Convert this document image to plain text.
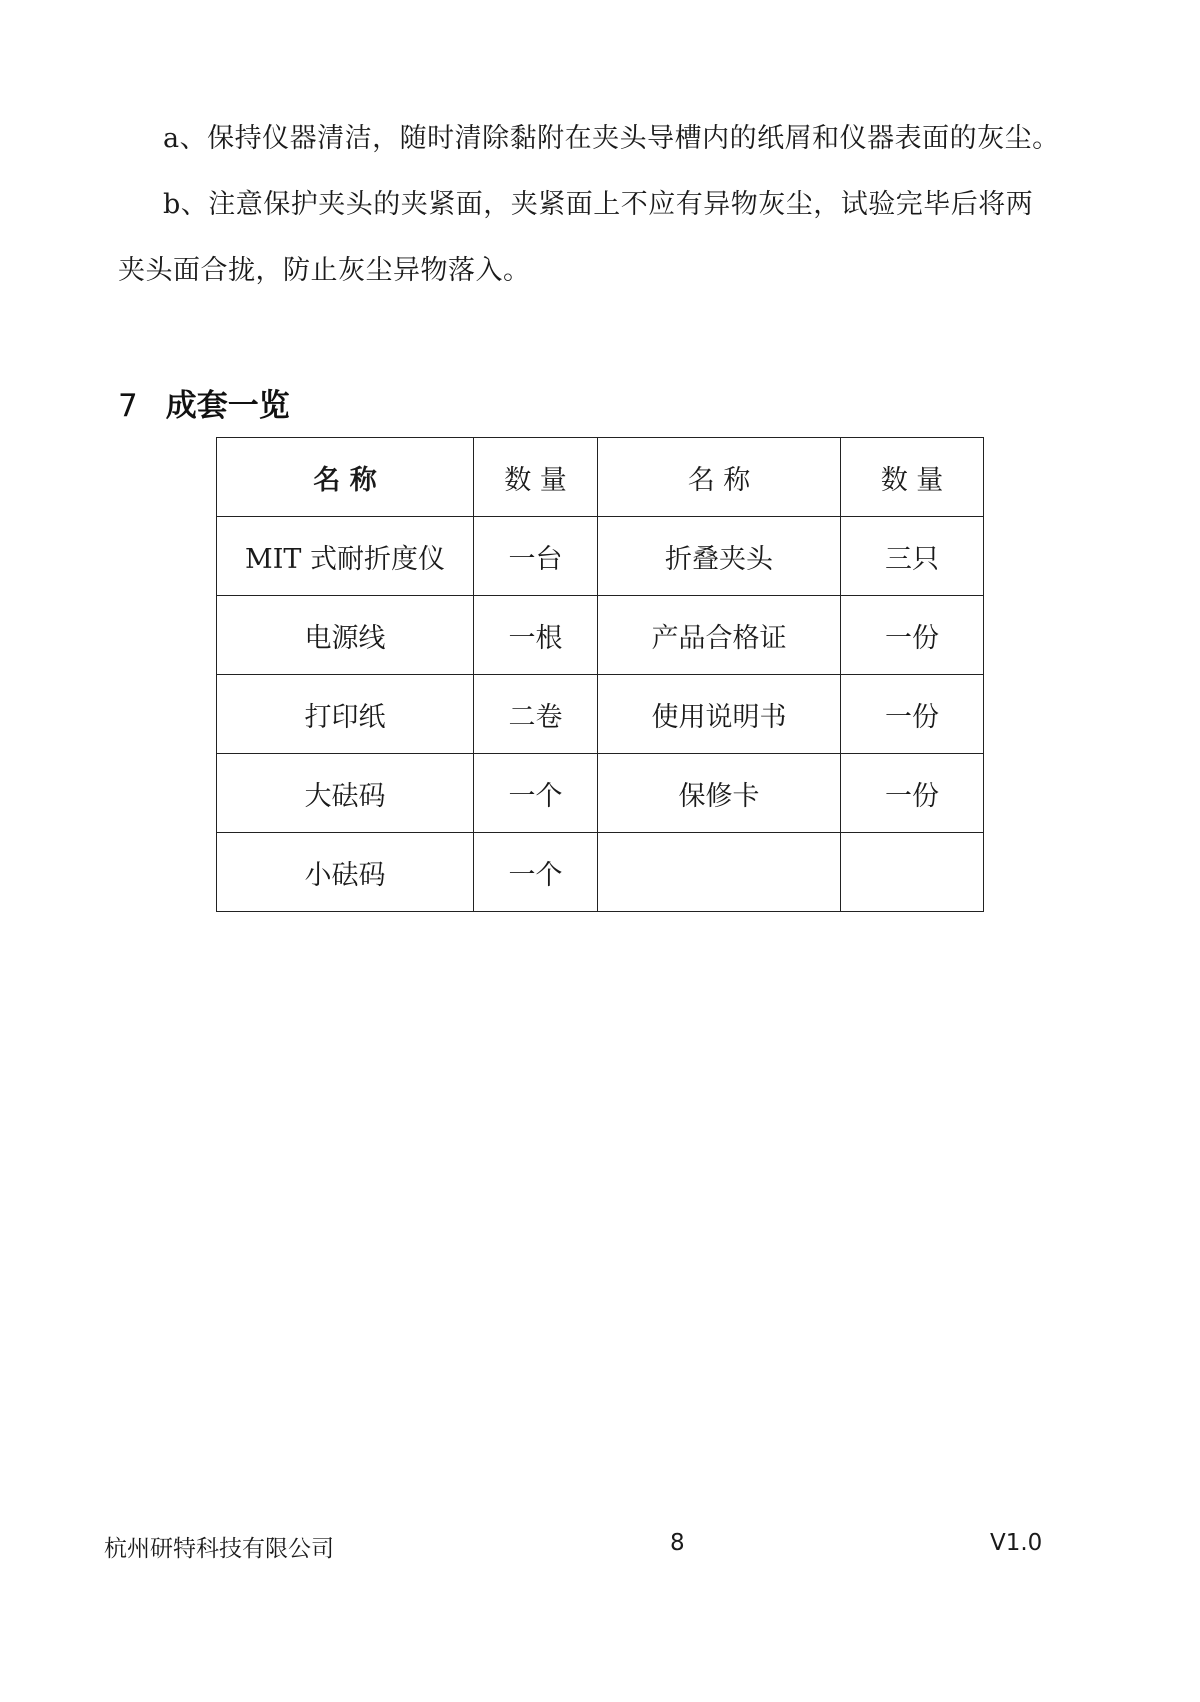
a、保持仪器清洁，随时清除黏附在夹头导槽内的纸屑和仪器表面的灰尘。
b、注意保护夹头的夹紧面，夹紧面上不应有异物灰尘，试验完毕后将两
夹头面合拢，防止灰尘异物落入。
7 成套一览
名 称	数 量	名 称	数 量
MIT 式耐折度仪	一台	折叠夹头	三只
电源线	一根	产品合格证	一份
打印纸	二卷	使用说明书	一份
大砝码	一个	保修卡	一份
小砝码	一个		
杭州研特科技有限公司	8	V1.0
